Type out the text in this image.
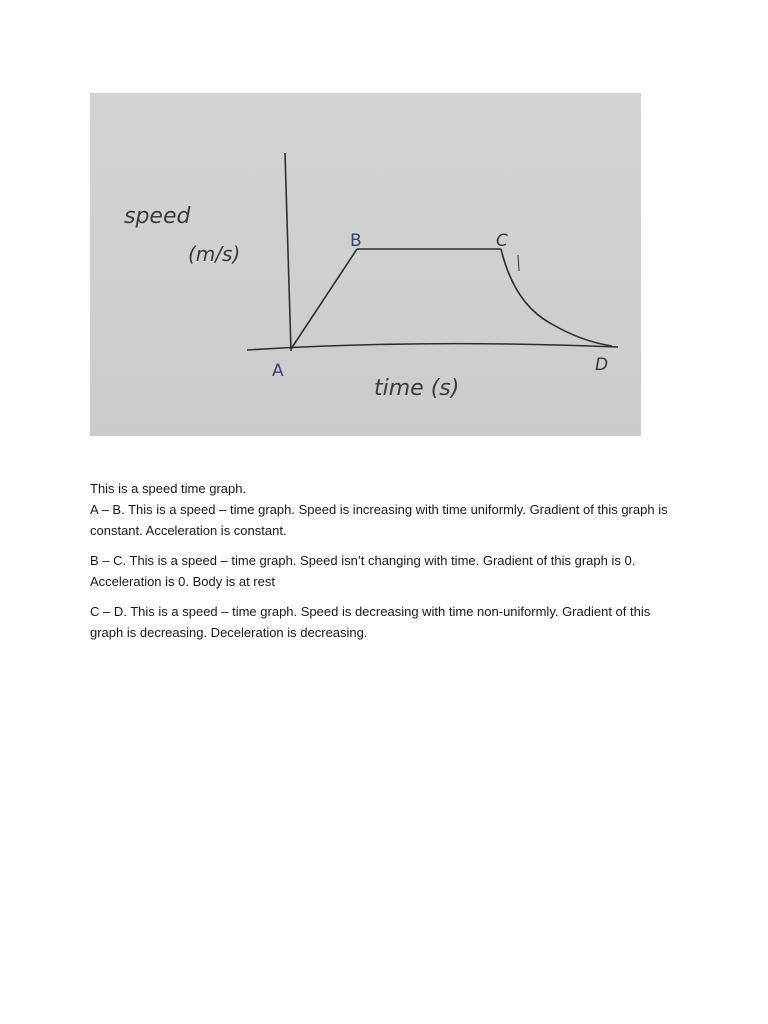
speed
(m/s)
A
B	C
D
time (s)

This is a speed time graph.

A – B. This is a speed – time graph. Speed is increasing with time uniformly. Gradient of this graph is constant. Acceleration is constant.

B – C. This is a speed – time graph. Speed isn’t changing with time. Gradient of this graph is 0. Acceleration is 0. Body is at rest

C – D. This is a speed – time graph. Speed is decreasing with time non-uniformly. Gradient of this graph is decreasing. Deceleration is decreasing.
